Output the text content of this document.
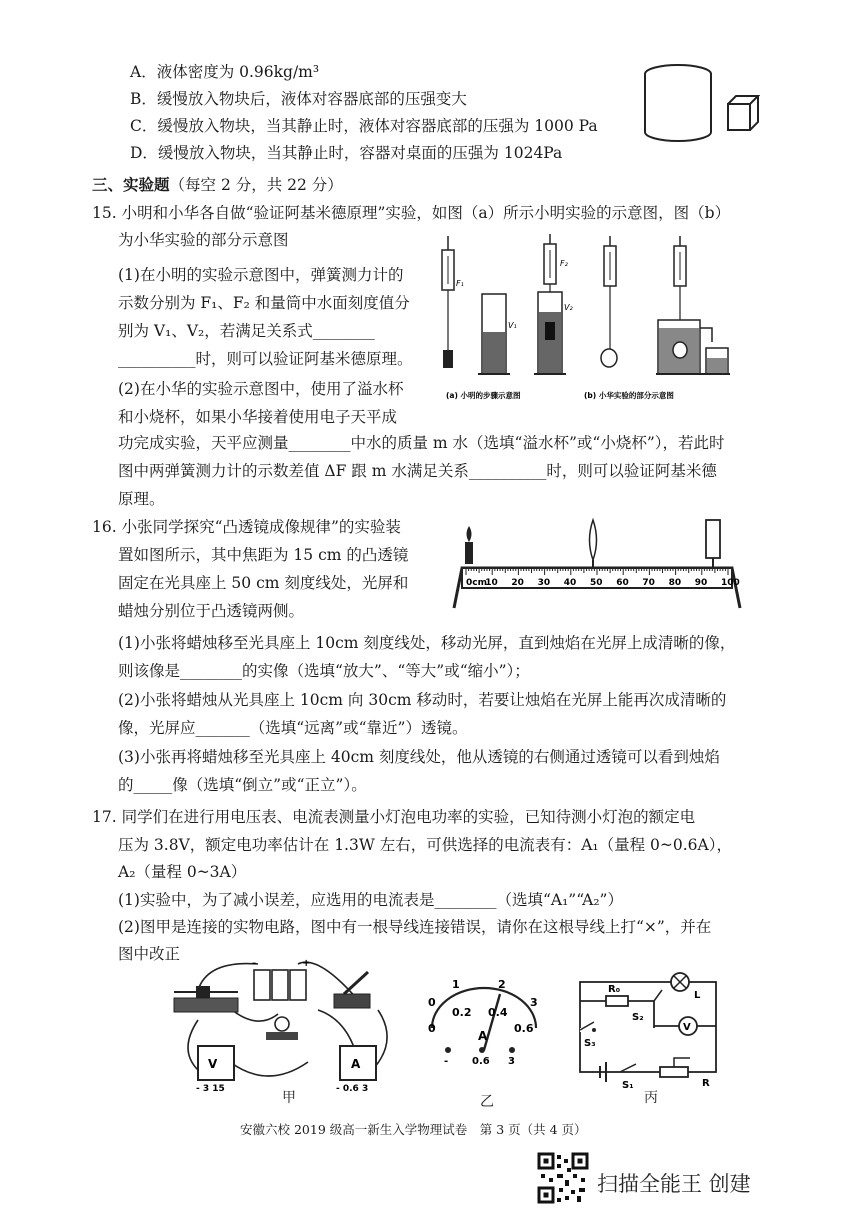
A．液体密度为 0.96kg/m³
B．缓慢放入物块后，液体对容器底部的压强变大
C．缓慢放入物块，当其静止时，液体对容器底部的压强为 1000 Pa
D．缓慢放入物块，当其静止时，容器对桌面的压强为 1024Pa
三、实验题（每空 2 分，共 22 分）
15. 小明和小华各自做“验证阿基米德原理”实验，如图（a）所示小明实验的示意图，图（b）
为小华实验的部分示意图
(1)在小明的实验示意图中，弹簧测力计的
示数分别为 F₁、F₂ 和量筒中水面刻度值分
别为 V₁、V₂，若满足关系式________
__________时，则可以验证阿基米德原理。
(2)在小华的实验示意图中，使用了溢水杯
和小烧杯，如果小华接着使用电子天平成
功完成实验，天平应测量________中水的质量 m 水（选填“溢水杯”或“小烧杯”），若此时
图中两弹簧测力计的示数差值 ΔF 跟 m 水满足关系__________时，则可以验证阿基米德
原理。
F₁
V₁
F₂
V₂
(a) 小明的步骤示意图	(b) 小华实验的部分示意图
16. 小张同学探究“凸透镜成像规律”的实验装
置如图所示，其中焦距为 15 cm 的凸透镜
固定在光具座上 50 cm 刻度线处，光屏和
蜡烛分别位于凸透镜两侧。
(1)小张将蜡烛移至光具座上 10cm 刻度线处，移动光屏，直到烛焰在光屏上成清晰的像，
则该像是________的实像（选填“放大”、“等大”或“缩小”）；
(2)小张将蜡烛从光具座上 10cm 向 30cm 移动时，若要让烛焰在光屏上能再次成清晰的
像，光屏应_______（选填“远离”或“靠近”）透镜。
(3)小张再将蜡烛移至光具座上 40cm 刻度线处，他从透镜的右侧通过透镜可以看到烛焰
的_____像（选填“倒立”或“正立”）。
0cm
10 20 30 40 50 60 70 80 90 100
17. 同学们在进行用电压表、电流表测量小灯泡电功率的实验，已知待测小灯泡的额定电
压为 3.8V，额定电功率估计在 1.3W 左右，可供选择的电流表有：A₁（量程 0~0.6A），
A₂（量程 0~3A）
(1)实验中，为了减小误差，应选用的电流表是________（选填“A₁”“A₂”）
(2)图甲是连接的实物电路，图中有一根导线连接错误，请你在这根导线上打“×”，并在
图中改正
-	+
V
- 3 15
A
- 0.6 3
甲
0
1	2
3
0
0.2 0.4
0.6
A
- 0.6 3
乙
R₀
L
S₂
V
S₃
S₁	R
丙
安徽六校 2019 级高一新生入学物理试卷　第 3 页（共 4 页）
扫描全能王 创建
